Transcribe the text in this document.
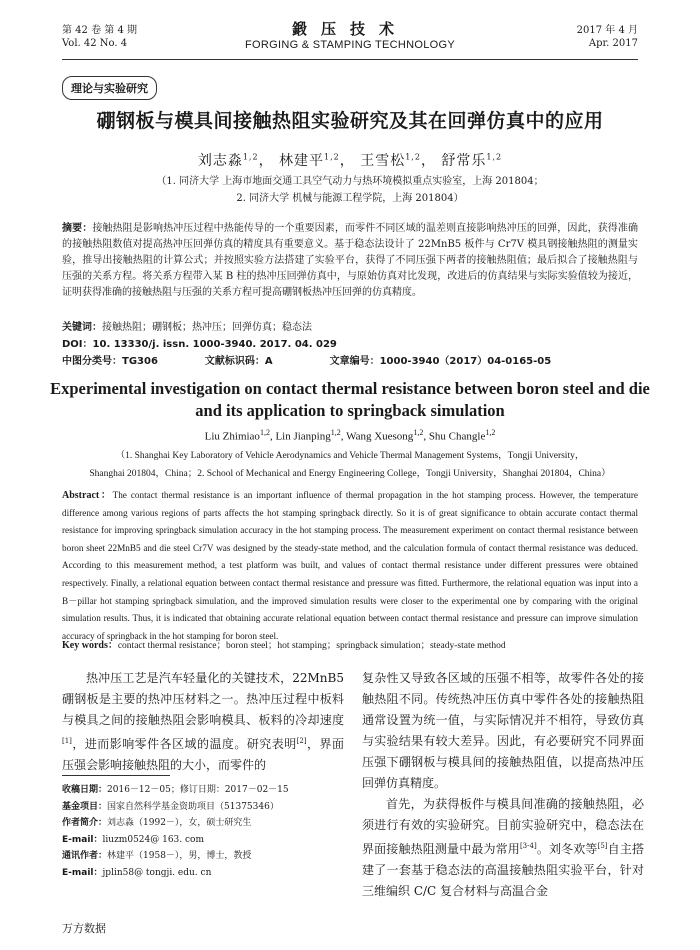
第 42 卷 第 4 期
Vol. 42 No. 4
鍛压技术
FORGING & STAMPING TECHNOLOGY
2017 年 4 月
Apr. 2017
理论与实验研究
硼钢板与模具间接触热阻实验研究及其在回弹仿真中的应用
刘志淼$^{1,2}$， 林建平$^{1,2}$， 王雪松$^{1,2}$， 舒常乐$^{1,2}$
（1. 同济大学 上海市地面交通工具空气动力与热环境模拟重点实验室，上海 201804；
2. 同济大学 机械与能源工程学院，上海 201804）
摘要：接触热阻是影响热冲压过程中热能传导的一个重要因素，而零件不同区域的温差则直接影响热冲压的回弹，因此，获得准确的接触热阻数值对提高热冲压回弹仿真的精度具有重要意义。基于稳态法设计了 22MnB5 板件与 Cr7V 模具钢接触热阻的测量实验，推导出接触热阻的计算公式；并按照实验方法搭建了实验平台，获得了不同压强下两者的接触热阻值；最后拟合了接触热阻与压强的关系方程。将关系方程带入某 B 柱的热冲压回弹仿真中，与原始仿真对比发现，改进后的仿真结果与实际实验值较为接近，证明获得准确的接触热阻与压强的关系方程可提高硼钢板热冲压回弹的仿真精度。
关键词：接触热阻；硼钢板；热冲压；回弹仿真；稳态法
DOI：10. 13330/j. issn. 1000-3940. 2017. 04. 029
中图分类号：TG306	文献标识码：A	文章编号：1000-3940（2017）04-0165-05
Experimental investigation on contact thermal resistance between boron steel and die and its application to springback simulation
Liu Zhimiao$^{1,2}$, Lin Jianping$^{1,2}$, Wang Xuesong$^{1,2}$, Shu Changle$^{1,2}$
（1. Shanghai Key Laboratory of Vehicle Aerodynamics and Vehicle Thermal Management Systems，Tongji University，
Shanghai 201804，China；2. School of Mechanical and Energy Engineering College，Tongji University，Shanghai 201804，China）
Abstract：The contact thermal resistance is an important influence of thermal propagation in the hot stamping process. However, the temperature difference among various regions of parts affects the hot stamping springback directly. So it is of great significance to obtain accurate contact thermal resistance for improving springback simulation accuracy in the hot stamping process. The measurement experiment on contact thermal resistance between boron sheet 22MnB5 and die steel Cr7V was designed by the steady-state method, and the calculation formula of contact thermal resistance was deduced. According to this measurement method, a test platform was built, and values of contact thermal resistance under different pressures were obtained respectively. Finally, a relational equation between contact thermal resistance and pressure was fitted. Furthermore, the relational equation was input into a B－pillar hot stamping springback simulation, and the improved simulation results were closer to the experimental one by comparing with the original simulation results. Thus, it is indicated that obtaining accurate relational equation between contact thermal resistance and pressure can improve simulation accuracy of springback in the hot stamping for boron steel.
Key words：contact thermal resistance；boron steel；hot stamping；springback simulation；steady-state method

热冲压工艺是汽车轻量化的关键技术，22MnB5 硼钢板是主要的热冲压材料之一。热冲压过程中板料与模具之间的接触热阻会影响模具、板料的冷却速度[1]，进而影响零件各区域的温度。研究表明[2]，界面压强会影响接触热阻的大小，而零件的

复杂性又导致各区域的压强不相等，故零件各处的接触热阻不同。传统热冲压仿真中零件各处的接触热阻通常设置为统一值，与实际情况并不相符，导致仿真与实验结果有较大差异。因此，有必要研究不同界面压强下硼钢板与模具间的接触热阻值，以提高热冲压回弹仿真精度。

首先，为获得板件与模具间准确的接触热阻，必须进行有效的实验研究。目前实验研究中，稳态法在界面接触热阻测量中最为常用[3-4]。刘冬欢等[5]自主搭建了一套基于稳态法的高温接触热阻实验平台，针对三维编织 C/C 复合材料与高温合金

收稿日期：2016－12－05；修订日期：2017－02－15
基金项目：国家自然科学基金资助项目（51375346）
作者简介：刘志淼（1992－），女，硕士研究生
E-mail：liuzm0524@ 163. com
通讯作者：林建平（1958－），男，博士，教授
E-mail：jplin58@ tongji. edu. cn
万方数据
